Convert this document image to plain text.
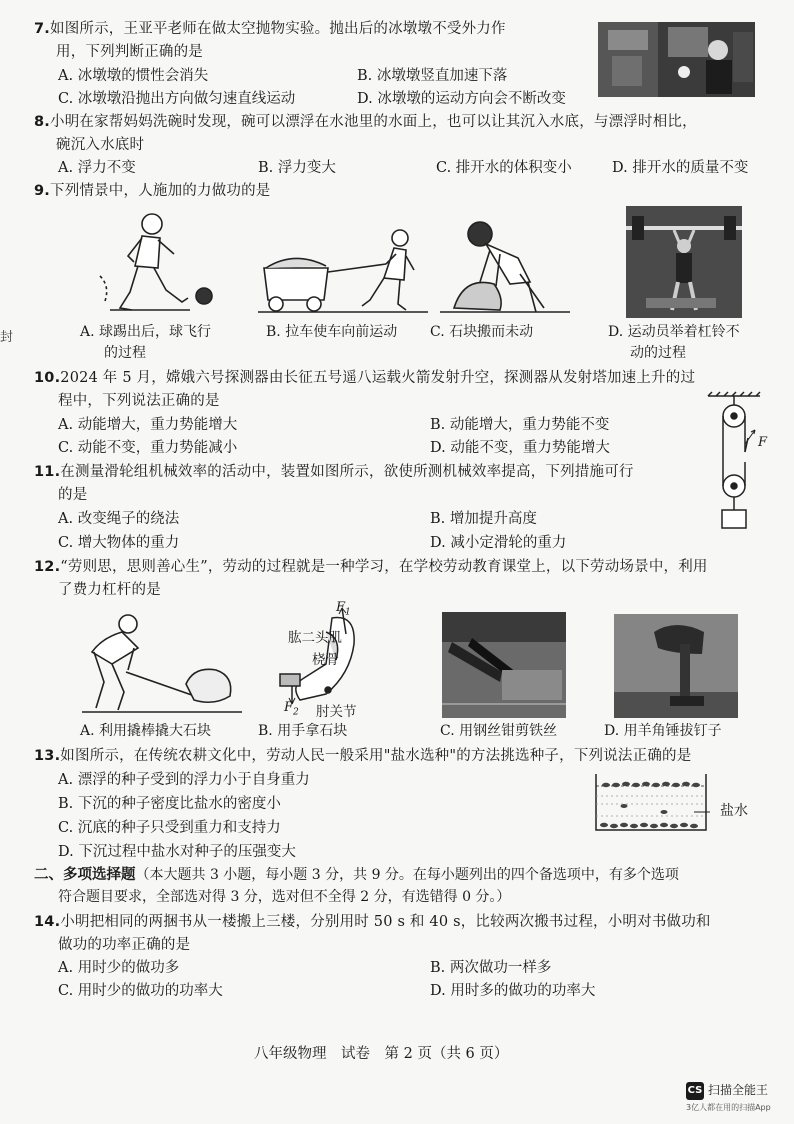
封
7.如图所示，王亚平老师在做太空抛物实验。抛出后的冰墩墩不受外力作
用，下列判断正确的是
A. 冰墩墩的惯性会消失	B. 冰墩墩竖直加速下落
C. 冰墩墩沿抛出方向做匀速直线运动	D. 冰墩墩的运动方向会不断改变
8.小明在家帮妈妈洗碗时发现，碗可以漂浮在水池里的水面上，也可以让其沉入水底，与漂浮时相比，
碗沉入水底时
A. 浮力不变	B. 浮力变大	C. 排开水的体积变小	D. 排开水的质量不变
9.下列情景中，人施加的力做功的是
A. 球踢出后，球飞行
的过程
B. 拉车使车向前运动 C. 石块搬而未动	D. 运动员举着杠铃不
动的过程
10.2024 年 5 月，嫦娥六号探测器由长征五号遥八运载火箭发射升空，探测器从发射塔加速上升的过
程中，下列说法正确的是
A. 动能增大，重力势能增大	B. 动能增大，重力势能不变
C. 动能不变，重力势能减小	D. 动能不变，重力势能增大	F
11.在测量滑轮组机械效率的活动中，装置如图所示，欲使所测机械效率提高，下列措施可行
的是
A. 改变绳子的绕法	B. 增加提升高度
C. 增大物体的重力	D. 减小定滑轮的重力
12.“劳则思，思则善心生”，劳动的过程就是一种学习，在学校劳动教育课堂上，以下劳动场景中，利用
了费力杠杆的是
肱二头肌
桡骨
肘关节
$F_1$
$F_2$
A. 利用撬棒撬大石块	B. 用手拿石块	C. 用钢丝钳剪铁丝	D. 用羊角锤拔钉子
13.如图所示，在传统农耕文化中，劳动人民一般采用"盐水选种"的方法挑选种子，下列说法正确的是
A. 漂浮的种子受到的浮力小于自身重力
B. 下沉的种子密度比盐水的密度小
C. 沉底的种子只受到重力和支持力
D. 下沉过程中盐水对种子的压强变大
盐水
二、多项选择题（本大题共 3 小题，每小题 3 分，共 9 分。在每小题列出的四个备选项中，有多个选项
符合题目要求，全部选对得 3 分，选对但不全得 2 分，有选错得 0 分。）
14.小明把相同的两捆书从一楼搬上三楼，分别用时 50 s 和 40 s，比较两次搬书过程，小明对书做功和
做功的功率正确的是
A. 用时少的做功多	B. 两次做功一样多
C. 用时少的做功的功率大	D. 用时多的做功的功率大
八年级物理　试卷　第 2 页（共 6 页）
CS 扫描全能王
3亿人都在用的扫描App
